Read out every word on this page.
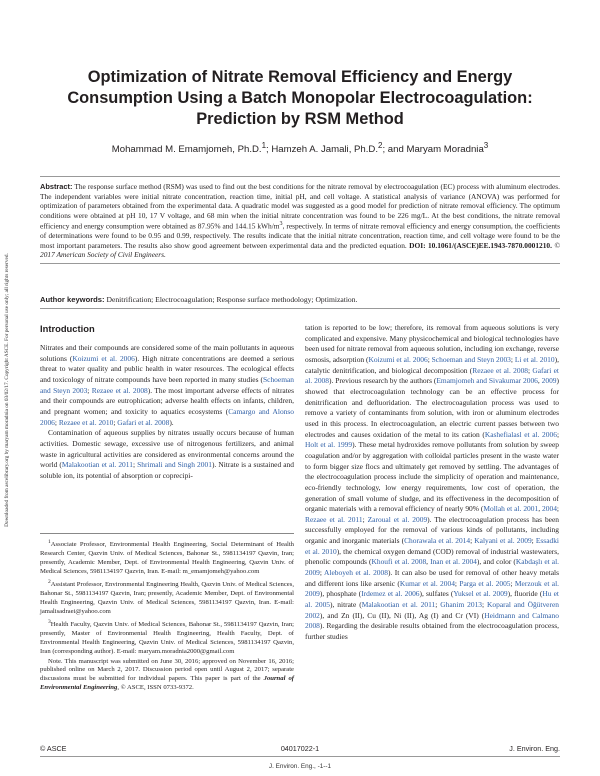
Downloaded from ascelibrary.org by maryam moradnia on 03/02/17. Copyright ASCE. For personal use only; all rights reserved.
Optimization of Nitrate Removal Efficiency and Energy Consumption Using a Batch Monopolar Electrocoagulation: Prediction by RSM Method
Mohammad M. Emamjomeh, Ph.D.$^1$; Hamzeh A. Jamali, Ph.D.$^2$; and Maryam Moradnia$^3$
Abstract: The response surface method (RSM) was used to find out the best conditions for the nitrate removal by electrocoagulation (EC) process with aluminum electrodes. The independent variables were initial nitrate concentration, reaction time, initial pH, and cell voltage. A statistical analysis of variance (ANOVA) was performed for optimization of parameters obtained from the experimental data. A quadratic model was suggested as a good model for prediction of nitrate removal efficiency. The optimum conditions were obtained at pH 10, 17 V voltage, and 68 min when the initial nitrate concentration was found to be 226 mg/L. At the best conditions, the nitrate removal efficiency and energy consumption were obtained as 87.95% and 144.15 kWh/$m^3$, respectively. In terms of nitrate removal efficiency and energy consumption, the coefficients of determinations were found to be 0.95 and 0.99, respectively. The results indicate that the initial nitrate concentration, reaction time, and cell voltage were found to be the most important parameters. The results also show good agreement between experimental data and the predicted equation. DOI: 10.1061/(ASCE)EE.1943-7870.0001210. © 2017 American Society of Civil Engineers.
Author keywords: Denitrification; Electrocoagulation; Response surface methodology; Optimization.
Introduction

Nitrates and their compounds are considered some of the main pollutants in aqueous solutions (Koizumi et al. 2006). High nitrate concentrations are deemed a serious threat to water quality and public health in water resources. The ecological effects and toxicology of nitrate compounds have been reported in many studies (Schoeman and Steyn 2003; Rezaee et al. 2008). The most important adverse effects of nitrates and their compounds are eutrophication; adverse health effects on infants, children, and pregnant women; and toxicity to aquatics ecosystems (Camargo and Alonso 2006; Rezaee et al. 2010; Gafari et al. 2008).

Contamination of aqueous supplies by nitrates usually occurs because of human activities. Domestic sewage, excessive use of nitrogenous fertilizers, and animal waste in agricultural activities are considered as environmental concerns around the world (Malakootian et al. 2011; Shrimali and Singh 2001). Nitrate is a sustained and soluble ion, its potential of absorption or coprecipi-

tation is reported to be low; therefore, its removal from aqueous solutions is very complicated and expensive. Many physicochemical and biological technologies have been used for nitrate removal from aqueous solution, including ion exchange, reverse osmosis, adsorption (Koizumi et al. 2006; Schoeman and Steyn 2003; Li et al. 2010), catalytic denitrification, and biological decomposition (Rezaee et al. 2008; Gafari et al. 2008). Previous research by the authors (Emamjomeh and Sivakumar 2006, 2009) showed that electrocoagulation technology can be an effective process for denitrification and defluoridation. The electrocoagulation process was used to remove a variety of contaminants from solution, with iron or aluminum electrodes used in this process. In electrocoagulation, an electric current passes between two electrodes and causes oxidation of the metal to its cation (Kashefialasl et al. 2006; Holt et al. 1999). These metal hydroxides remove pollutants from solution by sweep coagulation and/or by aggregation with colloidal particles present in the waste water to form bigger size flocs and ultimately get removed by settling. The advantages of the electrocoagulation process include the simplicity of operation and maintenance, eco-friendly technology, low energy requirements, low cost of operation, the generation of small volume of sludge, and its effectiveness in the decomposition of organic materials with a removal efficiency of nearly 90% (Mollah et al. 2001, 2004; Rezaee et al. 2011; Zaroual et al. 2009). The electrocoagulation process has been successfully employed for the removal of various kinds of pollutants, including organic and inorganic materials (Chorawala et al. 2014; Kalyani et al. 2009; Essadki et al. 2010), the chemical oxygen demand (COD) removal of industrial wastewaters, phenolic compounds (Khoufi et al. 2008, Inan et al. 2004), and color (Kabdaşlı et al. 2009; Aleboyeh et al. 2008). It can also be used for removal of other heavy metals and different ions like arsenic (Kumar et al. 2004; Parga et al. 2005; Merzouk et al. 2009), phosphate (Irdemez et al. 2006), sulfates (Yuksel et al. 2009), fluoride (Hu et al. 2005), nitrate (Malakootian et al. 2011; Ghanim 2013; Koparal and Öğütveren 2002), and Zn (II), Cu (II), Ni (II), Ag (I) and Cr (VI) (Heidmann and Calmano 2008). Regarding the desirable results obtained from the electrocoagulation process, further studies

$^1$Associate Professor, Environmental Health Engineering, Social Determinant of Health Research Center, Qazvin Univ. of Medical Sciences, Bahonar St., 5981134197 Qazvin, Iran; presently, Academic Member, Dept. of Environmental Health Engineering, Qazvin Univ. of Medical Sciences, 5981134197 Qazvin, Iran. E-mail: m_emamjomeh@yahoo.com

$^2$Assistant Professor, Environmental Engineering Health, Qazvin Univ. of Medical Sciences, Bahonar St., 5981134197 Qazvin, Iran; presently, Academic Member, Dept. of Environmental Health Engineering, Qazvin Univ. of Medical Sciences, 5981134197 Qazvin, Iran. E-mail: jamalisadraei@yahoo.com

$^3$Health Faculty, Qazvin Univ. of Medical Sciences, Bahonar St., 5981134197 Qazvin, Iran; presently, Master of Environmental Health Engineering, Health Faculty, Dept. of Environmental Health Engineering, Qazvin Univ. of Medical Sciences, 5981134197 Qazvin, Iran (corresponding author). E-mail: maryam.moradnia2000@gmail.com

Note. This manuscript was submitted on June 30, 2016; approved on November 16, 2016; published online on March 2, 2017. Discussion period open until August 2, 2017; separate discussions must be submitted for individual papers. This paper is part of the Journal of Environmental Engineering, © ASCE, ISSN 0733-9372.

© ASCE	04017022-1	J. Environ. Eng.
J. Environ. Eng., -1--1
